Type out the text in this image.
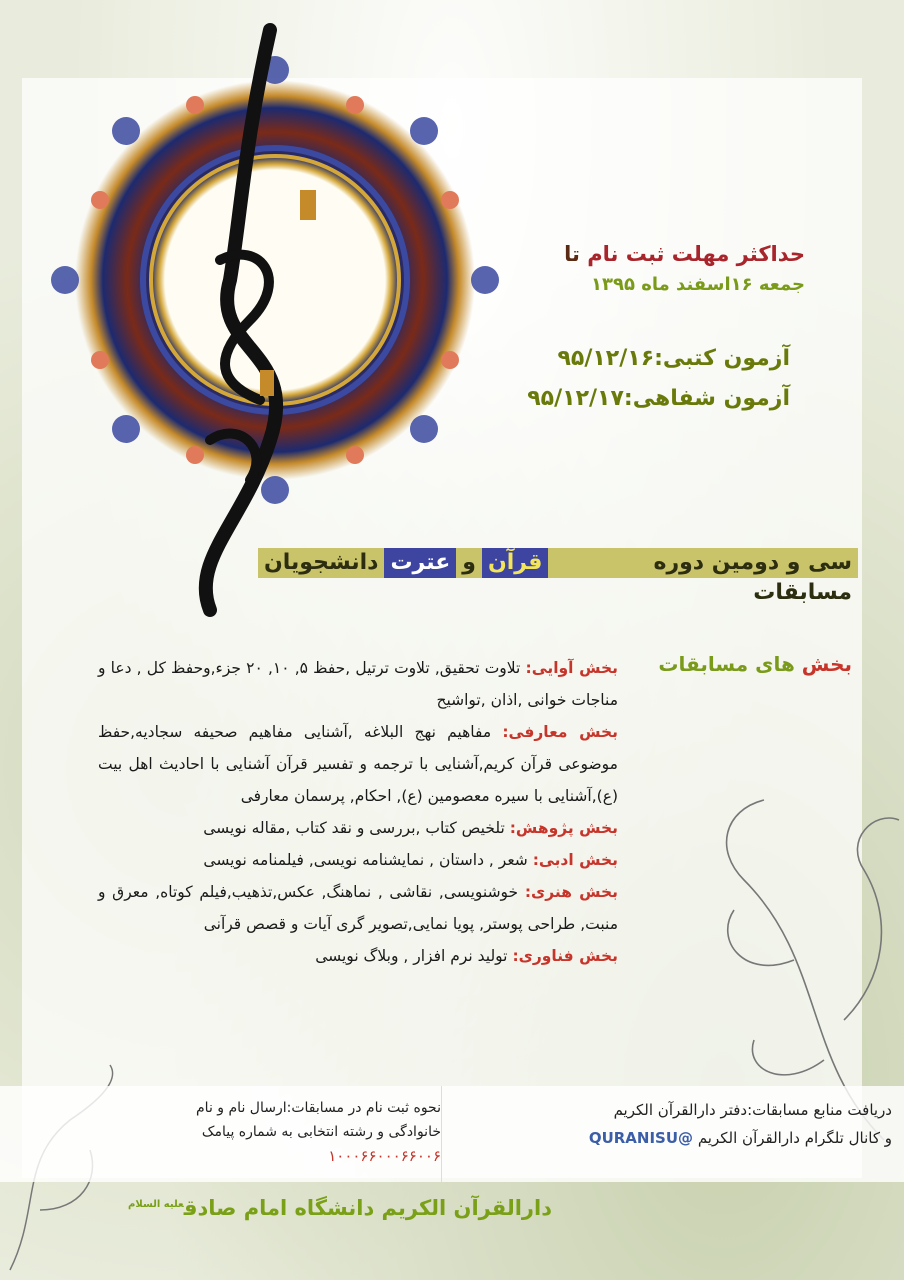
قرآن کریم
حداکثر مهلت ثبت نام تا
جمعه ۱۶اسفند ماه ۱۳۹۵
آزمون کتبی:۹۵/۱۲/۱۶
آزمون شفاهی:۹۵/۱۲/۱۷
سی و دومین دوره مسابقات
قرآن
و
عترت
دانشجویان
بخش های مسابقات

بخش آوایی: تلاوت تحقیق, تلاوت ترتیل ,حفظ ۵, ۱۰, ۲۰ جزء,وحفظ کل , دعا و مناجات خوانی ,اذان ,تواشیح

بخش معارفی: مفاهیم نهج البلاغه ,آشنایی مفاهیم صحیفه سجادیه,حفظ موضوعی قرآن کریم,آشنایی با ترجمه و تفسیر قرآن آشنایی با احادیث اهل بیت (ع),آشنایی با سیره معصومین (ع), احکام, پرسمان معارفی

بخش پژوهش: تلخیص کتاب ,بررسی و نقد کتاب ,مقاله نویسی

بخش ادبی: شعر , داستان , نمایشنامه نویسی, فیلمنامه نویسی

بخش هنری: خوشنویسی, نقاشی , نماهنگ, عکس,تذهیب,فیلم کوتاه, معرق و منبت, طراحی پوستر, پویا نمایی,تصویر گری آیات و قصص قرآنی

بخش فناوری: تولید نرم افزار , وبلاگ نویسی

دریافت منابع مسابقات:دفتر دارالقرآن الکریم
و کانال تلگرام دارالقرآن الکریم @QURANISU
نحوه ثبت نام در مسابقات:ارسال نام و نام
خانوادگی و رشته انتخابی به شماره پیامک
۱۰۰۰۶۶۰۰۰۶۶۰۰۶
دارالقرآن الکریم دانشگاه امام صادق$^{علیه السلام}$
